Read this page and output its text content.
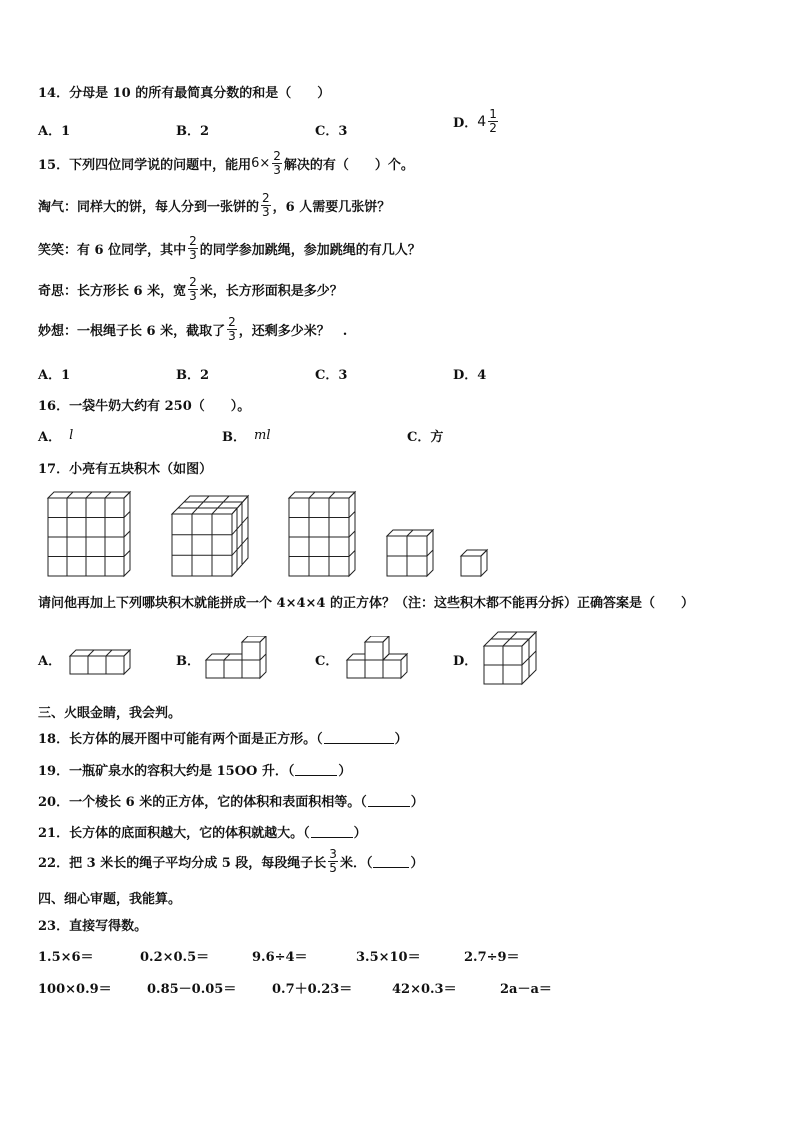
14．分母是 10 的所有最简真分数的和是（　　）
A．1	B．2	C．3
D． $4 \frac{1}{2}$
15．下列四位同学说的问题中，能用 $6\times \frac{2}{3}$ 解决的有（　　）个。
淘气：同样大的饼，每人分到一张饼的 $\frac{2}{3}$ ，6 人需要几张饼？
笑笑：有 6 位同学，其中 $\frac{2}{3}$ 的同学参加跳绳，参加跳绳的有几人？
奇思：长方形长 6 米，宽 $\frac{2}{3}$ 米，长方形面积是多少？
妙想：一根绳子长 6 米，截取了 $\frac{2}{3}$ ，还剩多少米？　.
A．1	B．2	C．3	D．4
16．一袋牛奶大约有 250（　　）。
A． l	B． ml	C．方
17．小亮有五块积木（如图）
请问他再加上下列哪块积木就能拼成一个 4×4×4 的正方体？（注：这些积木都不能再分拆）正确答案是（　　）
A．	B．	C．	D．
三、火眼金睛，我会判。
18．长方体的展开图中可能有两个面是正方形。（	）
19．一瓶矿泉水的容积大约是 15OO 升．（	）
20．一个棱长 6 米的正方体，它的体积和表面积相等。（	）
21．长方体的底面积越大，它的体积就越大。（	）
22．把 3 米长的绳子平均分成 5 段，每段绳子长 $\frac{3}{5}$ 米．（	）
四、细心审题，我能算。
23．直接写得数。
1.5×6＝	0.2×0.5＝	9.6÷4＝	3.5×10＝	2.7÷9＝
100×0.9＝	0.85－0.05＝	0.7＋0.23＝	42×0.3＝	2a－a＝
